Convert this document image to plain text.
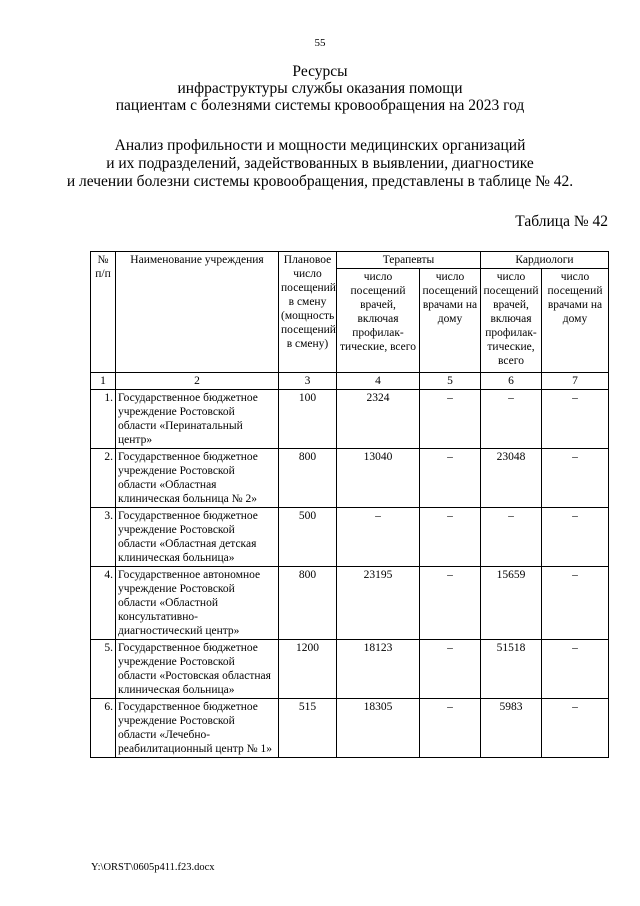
55
Ресурсы
инфраструктуры службы оказания помощи
пациентам с болезнями системы кровообращения на 2023 год
Анализ профильности и мощности медицинских организаций
и их подразделений, задействованных в выявлении, диагностике
и лечении болезни системы кровообращения, представлены в таблице № 42.
Таблица № 42
№ п/п	Наименование учреждения	Плановое число посещений в смену (мощность посещений в смену)	Терапевты		Кардиологи	
			число посещений врачей, включая профилак-тические, всего	число посещений врачами на дому	число посещений врачей, включая профилак-тические, всего	число посещений врачами на дому
1	2	3	4	5	6	7
1.	Государственное бюджетное учреждение Ростовской области «Перинатальный центр»	100	2324	–	–	–
2.	Государственное бюджетное учреждение Ростовской области «Областная клиническая больница № 2»	800	13040	–	23048	–
3.	Государственное бюджетное учреждение Ростовской области «Областная детская клиническая больница»	500	–	–	–	–
4.	Государственное автономное учреждение Ростовской области «Областной консультативно-диагностический центр»	800	23195	–	15659	–
5.	Государственное бюджетное учреждение Ростовской области «Ростовская областная клиническая больница»	1200	18123	–	51518	–
6.	Государственное бюджетное учреждение Ростовской области «Лечебно-реабилитационный центр № 1»	515	18305	–	5983	–
Y:\ORST\0605p411.f23.docx
